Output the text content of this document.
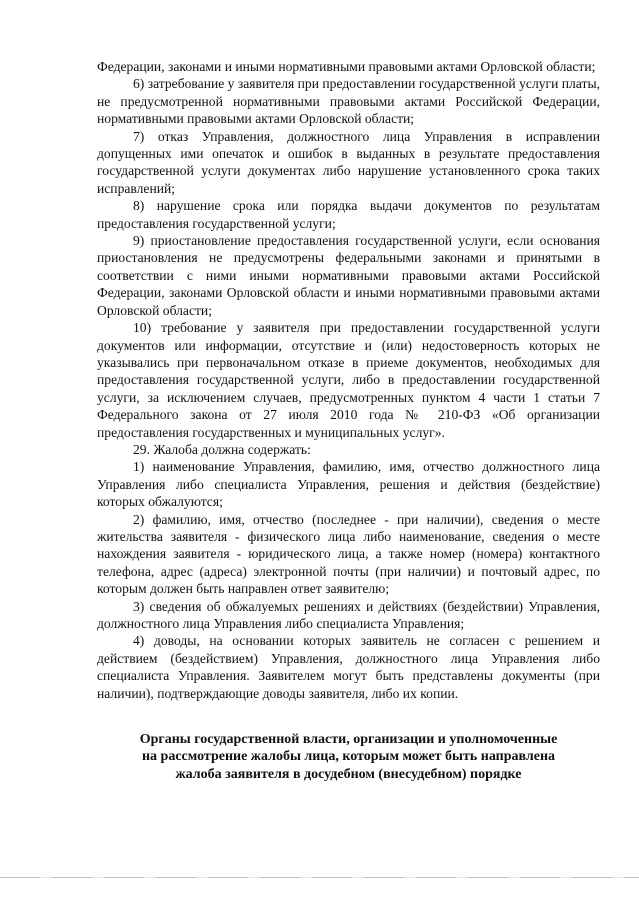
Федерации, законами и иными нормативными правовыми актами Орловской области;

6) затребование у заявителя при предоставлении государственной услуги платы, не предусмотренной нормативными правовыми актами Российской Федерации, нормативными правовыми актами Орловской области;

7) отказ Управления, должностного лица Управления в исправлении допущенных ими опечаток и ошибок в выданных в результате предоставления государственной услуги документах либо нарушение установленного срока таких исправлений;

8) нарушение срока или порядка выдачи документов по результатам предоставления государственной услуги;

9) приостановление предоставления государственной услуги, если основания приостановления не предусмотрены федеральными законами и принятыми в соответствии с ними иными нормативными правовыми актами Российской Федерации, законами Орловской области и иными нормативными правовыми актами Орловской области;

10) требование у заявителя при предоставлении государственной услуги документов или информации, отсутствие и (или) недостоверность которых не указывались при первоначальном отказе в приеме документов, необходимых для предоставления государственной услуги, либо в предоставлении государственной услуги, за исключением случаев, предусмотренных пунктом 4 части 1 статьи 7 Федерального закона от 27 июля 2010 года № 210-ФЗ «Об организации предоставления государственных и муниципальных услуг».

29. Жалоба должна содержать:

1) наименование Управления, фамилию, имя, отчество должностного лица Управления либо специалиста Управления, решения и действия (бездействие) которых обжалуются;

2) фамилию, имя, отчество (последнее - при наличии), сведения о месте жительства заявителя - физического лица либо наименование, сведения о месте нахождения заявителя - юридического лица, а также номер (номера) контактного телефона, адрес (адреса) электронной почты (при наличии) и почтовый адрес, по которым должен быть направлен ответ заявителю;

3) сведения об обжалуемых решениях и действиях (бездействии) Управления, должностного лица Управления либо специалиста Управления;

4) доводы, на основании которых заявитель не согласен с решением и действием (бездействием) Управления, должностного лица Управления либо специалиста Управления. Заявителем могут быть представлены документы (при наличии), подтверждающие доводы заявителя, либо их копии.

Органы государственной власти, организации и уполномоченные
на рассмотрение жалобы лица, которым может быть направлена
жалоба заявителя в досудебном (внесудебном) порядке
